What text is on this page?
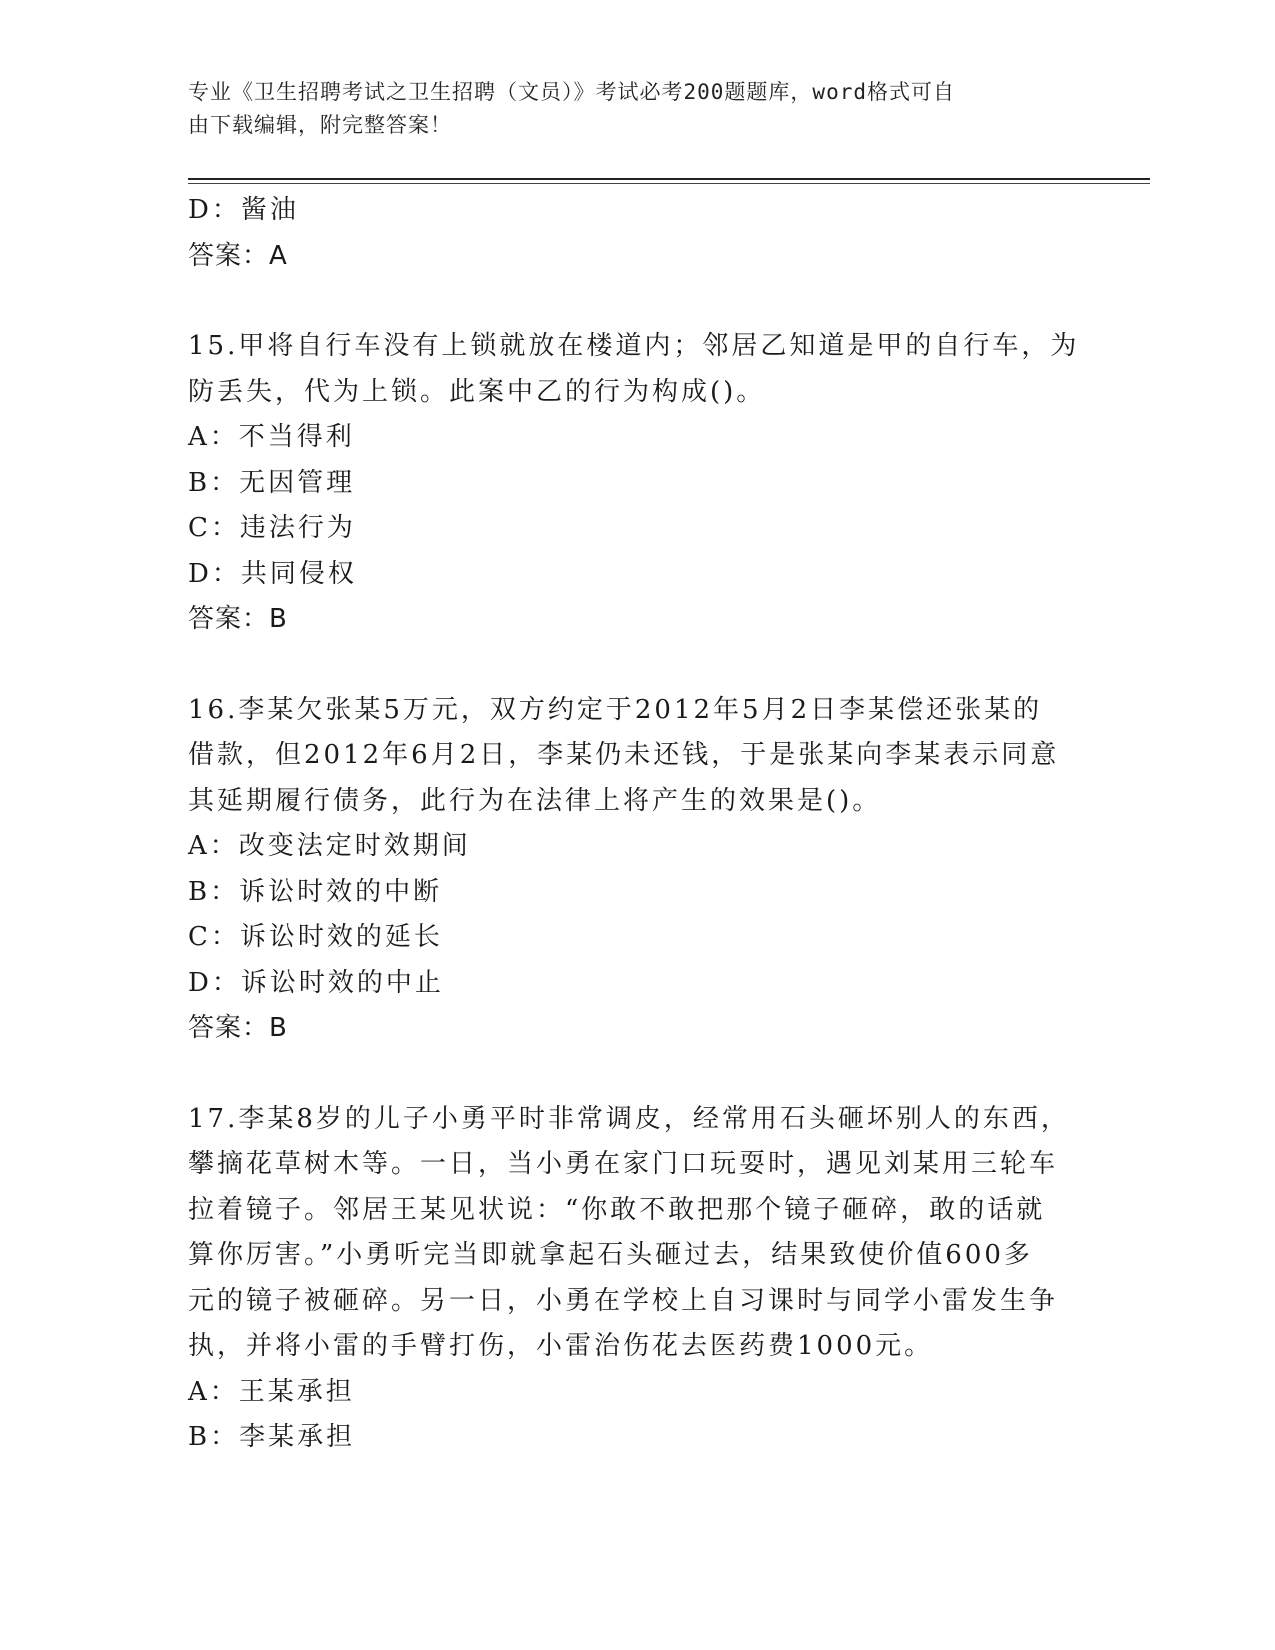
专业《卫生招聘考试之卫生招聘（文员）》考试必考200题题库，word格式可自
由下载编辑，附完整答案！
D：酱油
答案：A
15.甲将自行车没有上锁就放在楼道内；邻居乙知道是甲的自行车，为
防丢失，代为上锁。此案中乙的行为构成()。
A：不当得利
B：无因管理
C：违法行为
D：共同侵权
答案：B
16.李某欠张某5万元，双方约定于2012年5月2日李某偿还张某的
借款，但2012年6月2日，李某仍未还钱，于是张某向李某表示同意
其延期履行债务，此行为在法律上将产生的效果是()。
A：改变法定时效期间
B：诉讼时效的中断
C：诉讼时效的延长
D：诉讼时效的中止
答案：B
17.李某8岁的儿子小勇平时非常调皮，经常用石头砸坏别人的东西，
攀摘花草树木等。一日，当小勇在家门口玩耍时，遇见刘某用三轮车
拉着镜子。邻居王某见状说：“你敢不敢把那个镜子砸碎，敢的话就
算你厉害。”小勇听完当即就拿起石头砸过去，结果致使价值600多
元的镜子被砸碎。另一日，小勇在学校上自习课时与同学小雷发生争
执，并将小雷的手臂打伤，小雷治伤花去医药费1000元。
A：王某承担
B：李某承担
